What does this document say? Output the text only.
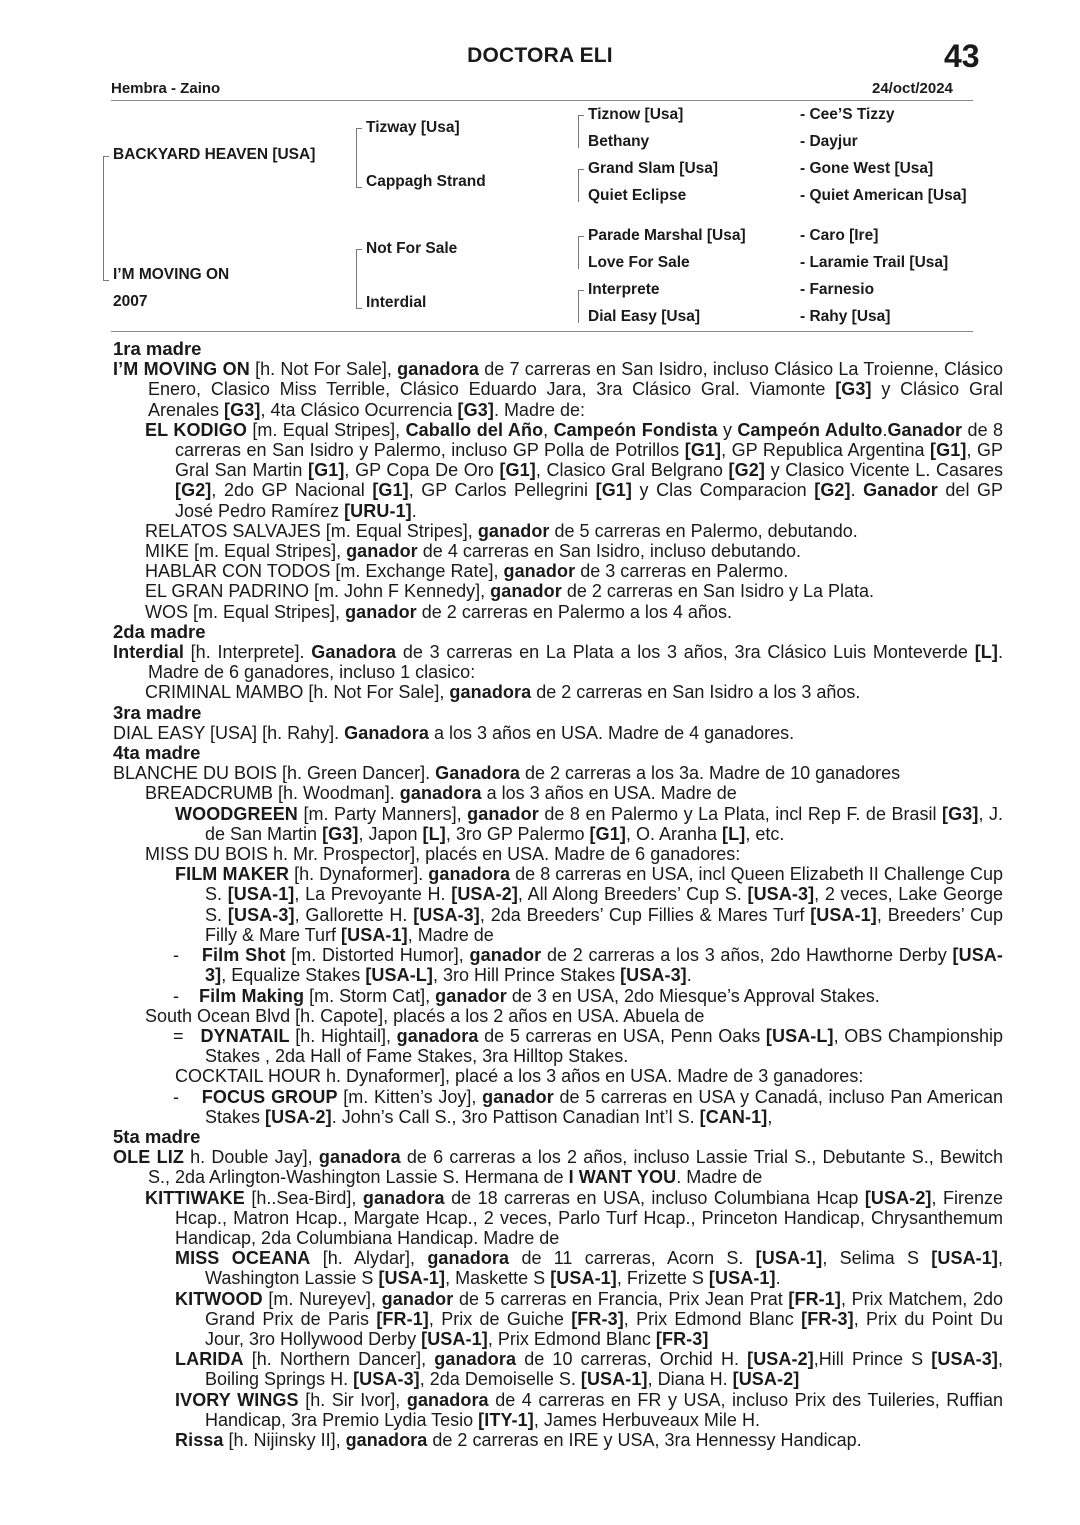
DOCTORA ELI	43
Hembra - Zaino	24/oct/2024
BACKYARD HEAVEN [USA]
I’M MOVING ON
2007
Tizway [Usa]
Cappagh Strand
Not For Sale
Interdial
Tiznow [Usa]
Bethany
Grand Slam [Usa]
Quiet Eclipse
Parade Marshal [Usa]
Love For Sale
Interprete
Dial Easy [Usa]
- Cee’S Tizzy
- Dayjur
- Gone West [Usa]
- Quiet American [Usa]
- Caro [Ire]
- Laramie Trail [Usa]
- Farnesio
- Rahy [Usa]

1ra madre

I’M MOVING ON [h. Not For Sale], ganadora de 7 carreras en San Isidro, incluso Clásico La Troienne, Clásico Enero, Clasico Miss Terrible, Clásico Eduardo Jara, 3ra Clásico Gral. Viamonte [G3] y Clásico Gral Arenales [G3], 4ta Clásico Ocurrencia [G3]. Madre de:

EL KODIGO [m. Equal Stripes], Caballo del Año, Campeón Fondista y Campeón Adulto.Ganador de 8 carreras en San Isidro y Palermo, incluso GP Polla de Potrillos [G1], GP Republica Argentina [G1], GP Gral San Martin [G1], GP Copa De Oro [G1], Clasico Gral Belgrano [G2] y Clasico Vicente L. Casares [G2], 2do GP Nacional [G1], GP Carlos Pellegrini [G1] y Clas Comparacion [G2]. Ganador del GP José Pedro Ramírez [URU-1].

RELATOS SALVAJES [m. Equal Stripes], ganador de 5 carreras en Palermo, debutando.

MIKE [m. Equal Stripes], ganador de 4 carreras en San Isidro, incluso debutando.

HABLAR CON TODOS [m. Exchange Rate], ganador de 3 carreras en Palermo.

EL GRAN PADRINO [m. John F Kennedy], ganador de 2 carreras en San Isidro y La Plata.

WOS [m. Equal Stripes], ganador de 2 carreras en Palermo a los 4 años.

2da madre

Interdial [h. Interprete]. Ganadora de 3 carreras en La Plata a los 3 años, 3ra Clásico Luis Monteverde [L]. Madre de 6 ganadores, incluso 1 clasico:

CRIMINAL MAMBO [h. Not For Sale], ganadora de 2 carreras en San Isidro a los 3 años.

3ra madre

DIAL EASY [USA] [h. Rahy]. Ganadora a los 3 años en USA. Madre de 4 ganadores.

4ta madre

BLANCHE DU BOIS [h. Green Dancer]. Ganadora de 2 carreras a los 3a. Madre de 10 ganadores

BREADCRUMB [h. Woodman]. ganadora a los 3 años en USA. Madre de

WOODGREEN [m. Party Manners], ganador de 8 en Palermo y La Plata, incl Rep F. de Brasil [G3], J. de San Martin [G3], Japon [L], 3ro GP Palermo [G1], O. Aranha [L], etc.

MISS DU BOIS h. Mr. Prospector], placés en USA. Madre de 6 ganadores:

FILM MAKER [h. Dynaformer]. ganadora de 8 carreras en USA, incl Queen Elizabeth II Challenge Cup S. [USA-1], La Prevoyante H. [USA-2], All Along Breeders’ Cup S. [USA-3], 2 veces, Lake George S. [USA-3], Gallorette H. [USA-3], 2da Breeders’ Cup Fillies & Mares Turf [USA-1], Breeders’ Cup Filly & Mare Turf [USA-1], Madre de

-    Film Shot [m. Distorted Humor], ganador de 2 carreras a los 3 años, 2do Hawthorne Derby [USA-3], Equalize Stakes [USA-L], 3ro Hill Prince Stakes [USA-3].

-    Film Making [m. Storm Cat], ganador de 3 en USA, 2do Miesque’s Approval Stakes.

South Ocean Blvd [h. Capote], placés a los 2 años en USA. Abuela de

=   DYNATAIL [h. Hightail], ganadora de 5 carreras en USA, Penn Oaks [USA-L], OBS Championship Stakes , 2da Hall of Fame Stakes, 3ra Hilltop Stakes.

COCKTAIL HOUR h. Dynaformer], placé a los 3 años en USA. Madre de 3 ganadores:

-    FOCUS GROUP [m. Kitten’s Joy], ganador de 5 carreras en USA y Canadá, incluso Pan American Stakes [USA-2]. John’s Call S., 3ro Pattison Canadian Int’l S. [CAN-1],

5ta madre

OLE LIZ h. Double Jay], ganadora de 6 carreras a los 2 años, incluso Lassie Trial S., Debutante S., Bewitch S., 2da Arlington-Washington Lassie S. Hermana de I WANT YOU. Madre de

KITTIWAKE [h..Sea-Bird], ganadora de 18 carreras en USA, incluso Columbiana Hcap [USA-2], Firenze Hcap., Matron Hcap., Margate Hcap., 2 veces, Parlo Turf Hcap., Princeton Handicap, Chrysanthemum Handicap, 2da Columbiana Handicap. Madre de

MISS OCEANA [h. Alydar], ganadora de 11 carreras, Acorn S. [USA-1], Selima S [USA-1], Washington Lassie S [USA-1], Maskette S [USA-1], Frizette S [USA-1].

KITWOOD [m. Nureyev], ganador de 5 carreras en Francia, Prix Jean Prat [FR-1], Prix Matchem, 2do Grand Prix de Paris [FR-1], Prix de Guiche [FR-3], Prix Edmond Blanc [FR-3], Prix du Point Du Jour, 3ro Hollywood Derby [USA-1], Prix Edmond Blanc [FR-3]

LARIDA [h. Northern Dancer], ganadora de 10 carreras, Orchid H. [USA-2],Hill Prince S [USA-3], Boiling Springs H. [USA-3], 2da Demoiselle S. [USA-1], Diana H. [USA-2]

IVORY WINGS [h. Sir Ivor], ganadora de 4 carreras en FR y USA, incluso Prix des Tuileries, Ruffian Handicap, 3ra Premio Lydia Tesio [ITY-1], James Herbuveaux Mile H.

Rissa [h. Nijinsky II], ganadora de 2 carreras en IRE y USA, 3ra Hennessy Handicap.
